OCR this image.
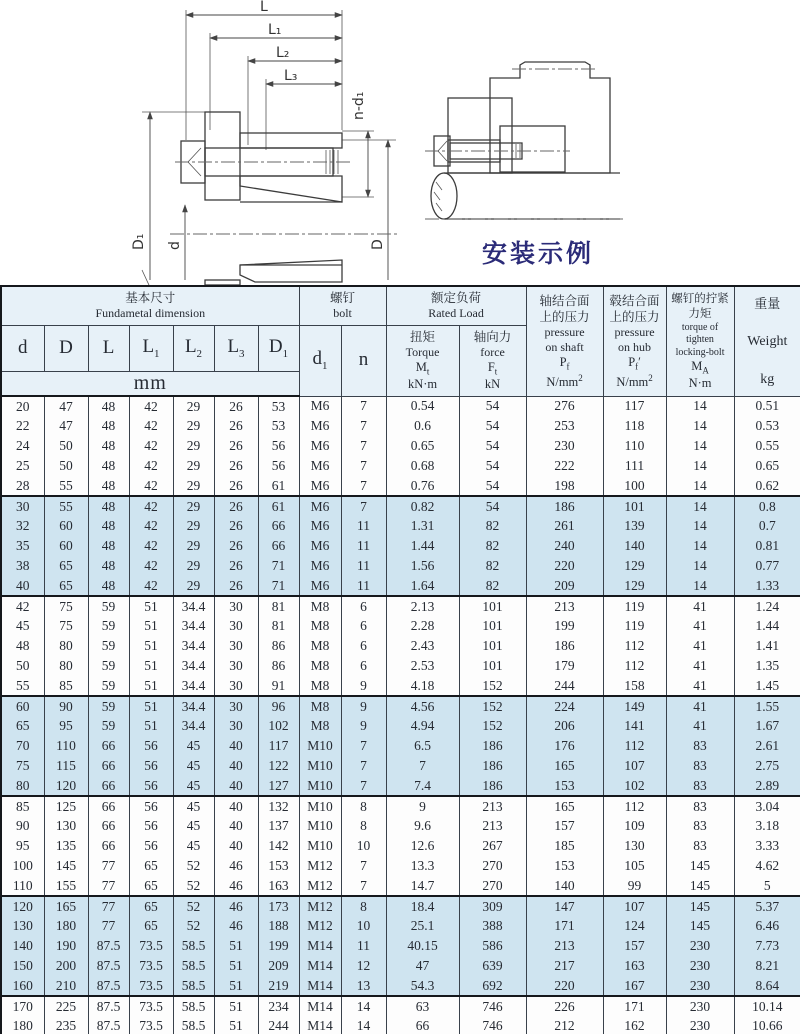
L
L₁
L₂
L₃
n-d₁
D₁ d	D	安装示例
基本尺寸
Fundametal dimension

螺钉
bolt

额定负荷
Rated Load

轴结合面
上的压力
pressure
on shaft
$P_f$
$N/mm^2$

毂结合面
上的压力
pressure
on hub
$P_f'$
$N/mm^2$

螺钉的拧紧
力矩
torque of
tighten
locking-bolt
$M_A$
N·m

重量
Weight
kg

d	D	L	$L_1$	$L_2$	$L_3$	$D_1$	$d_1$	n	
扭矩
Torque
$M_t$
kN·m

轴向力
force
$F_t$
kN

mm														
20	47	48	42	29	26	53	M6	7	0.54	54	276	117	14	0.51
22	47	48	42	29	26	53	M6	7	0.6	54	253	118	14	0.53
24	50	48	42	29	26	56	M6	7	0.65	54	230	110	14	0.55
25	50	48	42	29	26	56	M6	7	0.68	54	222	111	14	0.65
28	55	48	42	29	26	61	M6	7	0.76	54	198	100	14	0.62
30	55	48	42	29	26	61	M6	7	0.82	54	186	101	14	0.8
32	60	48	42	29	26	66	M6	11	1.31	82	261	139	14	0.7
35	60	48	42	29	26	66	M6	11	1.44	82	240	140	14	0.81
38	65	48	42	29	26	71	M6	11	1.56	82	220	129	14	0.77
40	65	48	42	29	26	71	M6	11	1.64	82	209	129	14	1.33
42	75	59	51	34.4	30	81	M8	6	2.13	101	213	119	41	1.24
45	75	59	51	34.4	30	81	M8	6	2.28	101	199	119	41	1.44
48	80	59	51	34.4	30	86	M8	6	2.43	101	186	112	41	1.41
50	80	59	51	34.4	30	86	M8	6	2.53	101	179	112	41	1.35
55	85	59	51	34.4	30	91	M8	9	4.18	152	244	158	41	1.45
60	90	59	51	34.4	30	96	M8	9	4.56	152	224	149	41	1.55
65	95	59	51	34.4	30	102	M8	9	4.94	152	206	141	41	1.67
70	110	66	56	45	40	117	M10	7	6.5	186	176	112	83	2.61
75	115	66	56	45	40	122	M10	7	7	186	165	107	83	2.75
80	120	66	56	45	40	127	M10	7	7.4	186	153	102	83	2.89
85	125	66	56	45	40	132	M10	8	9	213	165	112	83	3.04
90	130	66	56	45	40	137	M10	8	9.6	213	157	109	83	3.18
95	135	66	56	45	40	142	M10	10	12.6	267	185	130	83	3.33
100	145	77	65	52	46	153	M12	7	13.3	270	153	105	145	4.62
110	155	77	65	52	46	163	M12	7	14.7	270	140	99	145	5
120	165	77	65	52	46	173	M12	8	18.4	309	147	107	145	5.37
130	180	77	65	52	46	188	M12	10	25.1	388	171	124	145	6.46
140	190	87.5	73.5	58.5	51	199	M14	11	40.15	586	213	157	230	7.73
150	200	87.5	73.5	58.5	51	209	M14	12	47	639	217	163	230	8.21
160	210	87.5	73.5	58.5	51	219	M14	13	54.3	692	220	167	230	8.64
170	225	87.5	73.5	58.5	51	234	M14	14	63	746	226	171	230	10.14
180	235	87.5	73.5	58.5	51	244	M14	14	66	746	212	162	230	10.66
